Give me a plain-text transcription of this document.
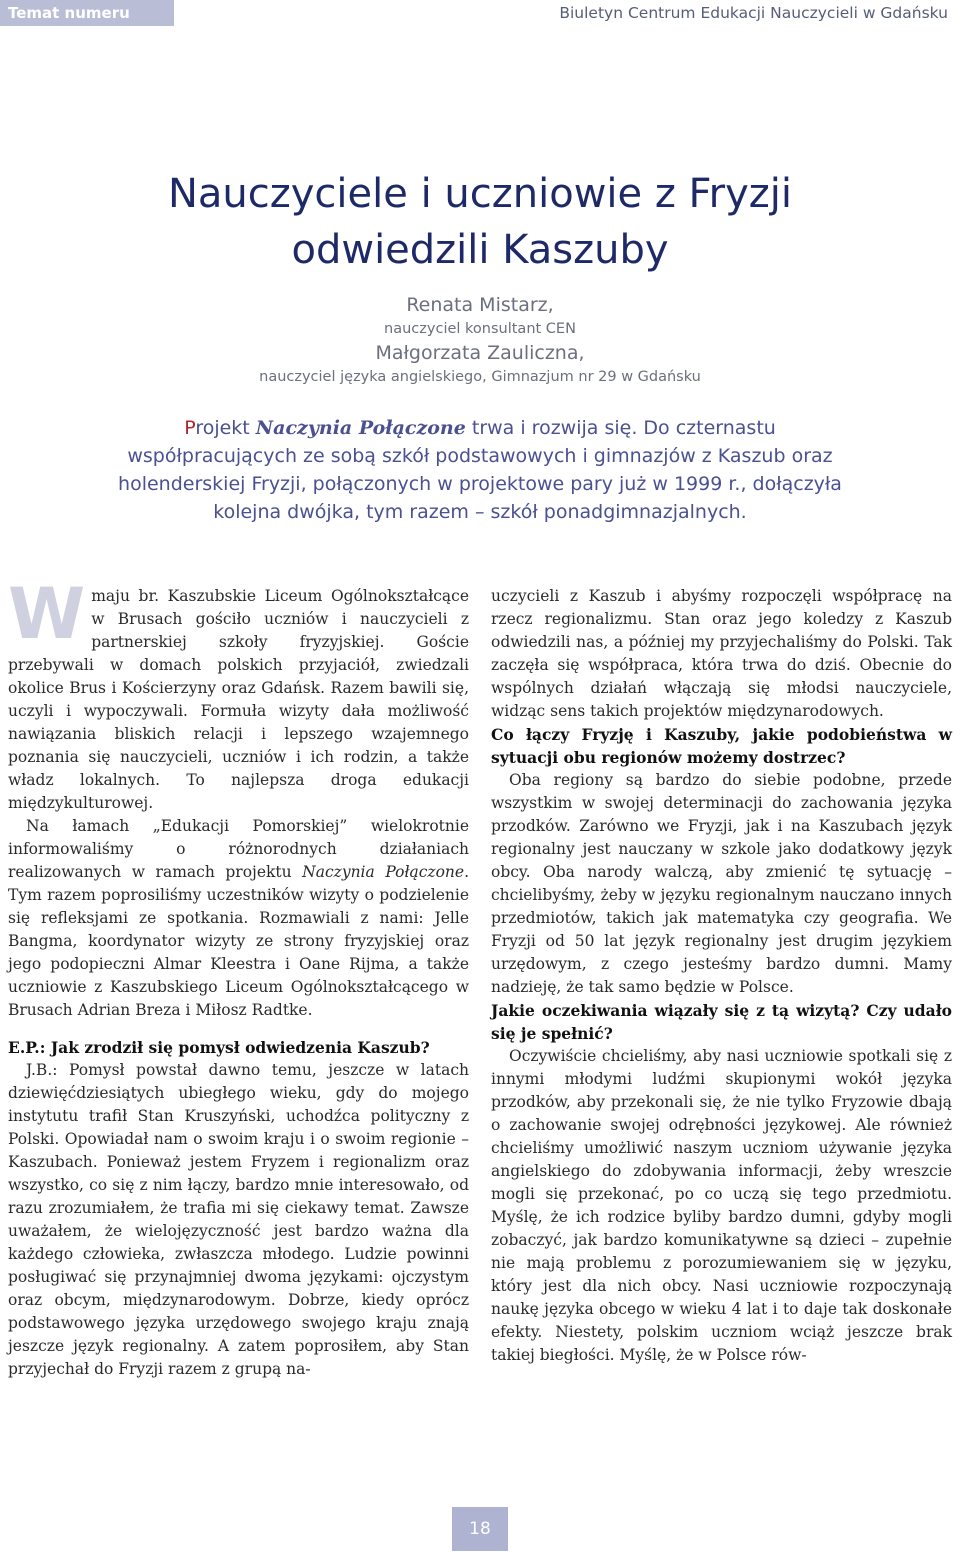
Temat numeru	Biuletyn Centrum Edukacji Nauczycieli w Gdańsku
Nauczyciele i uczniowie z Fryzji
odwiedzili Kaszuby
Renata Mistarz,
nauczyciel konsultant CEN
Małgorzata Zauliczna,
nauczyciel języka angielskiego, Gimnazjum nr 29 w Gdańsku
Projekt Naczynia Połączone trwa i rozwija się. Do czternastu współpracujących ze sobą szkół podstawowych i gimnazjów z Kaszub oraz holenderskiej Fryzji, połączonych w projektowe pary już w 1999 r., dołączyła kolejna dwójka, tym razem – szkół ponadgimnazjalnych.
W maju br. Kaszubskie Liceum Ogólnokształcące w Brusach gościło uczniów i nauczycieli z partnerskiej szkoły fryzyjskiej. Goście przebywali w domach polskich przyjaciół, zwiedzali okolice Brus i Kościerzyny oraz Gdańsk. Razem bawili się, uczyli i wypoczywali. Formuła wizyty dała możliwość nawiązania bliskich relacji i lepszego wzajemnego poznania się nauczycieli, uczniów i ich rodzin, a także władz lokalnych. To najlepsza droga edukacji międzykulturowej.

Na łamach „Edukacji Pomorskiej” wielokrotnie informowaliśmy o różnorodnych działaniach realizowanych w ramach projektu Naczynia Połączone. Tym razem poprosiliśmy uczestników wizyty o podzielenie się refleksjami ze spotkania. Rozmawiali z nami: Jelle Bangma, koordynator wizyty ze strony fryzyjskiej oraz jego podopieczni Almar Kleestra i Oane Rijma, a także uczniowie z Kaszubskiego Liceum Ogólnokształcącego w Brusach Adrian Breza i Miłosz Radtke.

E.P.: Jak zrodził się pomysł odwiedzenia Kaszub?

J.B.: Pomysł powstał dawno temu, jeszcze w latach dziewięćdziesiątych ubiegłego wieku, gdy do mojego instytutu trafił Stan Kruszyński, uchodźca polityczny z Polski. Opowiadał nam o swoim kraju i o swoim regionie – Kaszubach. Ponieważ jestem Fryzem i regionalizm oraz wszystko, co się z nim łączy, bardzo mnie interesowało, od razu zrozumiałem, że trafia mi się ciekawy temat. Zawsze uważałem, że wielojęzyczność jest bardzo ważna dla każdego człowieka, zwłaszcza młodego. Ludzie powinni posługiwać się przynajmniej dwoma językami: ojczystym oraz obcym, międzynarodowym. Dobrze, kiedy oprócz podstawowego języka urzędowego swojego kraju znają jeszcze język regionalny. A zatem poprosiłem, aby Stan przyjechał do Fryzji razem z grupą na-

uczycieli z Kaszub i abyśmy rozpoczęli współpracę na rzecz regionalizmu. Stan oraz jego koledzy z Kaszub odwiedzili nas, a później my przyjechaliśmy do Polski. Tak zaczęła się współpraca, która trwa do dziś. Obecnie do wspólnych działań włączają się młodsi nauczyciele, widząc sens takich projektów międzynarodowych.

Co łączy Fryzję i Kaszuby, jakie podobieństwa w sytuacji obu regionów możemy dostrzec?

Oba regiony są bardzo do siebie podobne, przede wszystkim w swojej determinacji do zachowania języka przodków. Zarówno we Fryzji, jak i na Kaszubach język regionalny jest nauczany w szkole jako dodatkowy język obcy. Oba narody walczą, aby zmienić tę sytuację – chcielibyśmy, żeby w języku regionalnym nauczano innych przedmiotów, takich jak matematyka czy geografia. We Fryzji od 50 lat język regionalny jest drugim językiem urzędowym, z czego jesteśmy bardzo dumni. Mamy nadzieję, że tak samo będzie w Polsce.

Jakie oczekiwania wiązały się z tą wizytą? Czy udało się je spełnić?

Oczywiście chcieliśmy, aby nasi uczniowie spotkali się z innymi młodymi ludźmi skupionymi wokół języka przodków, aby przekonali się, że nie tylko Fryzowie dbają o zachowanie swojej odrębności językowej. Ale również chcieliśmy umożliwić naszym uczniom używanie języka angielskiego do zdobywania informacji, żeby wreszcie mogli się przekonać, po co uczą się tego przedmiotu. Myślę, że ich rodzice byliby bardzo dumni, gdyby mogli zobaczyć, jak bardzo komunikatywne są dzieci – zupełnie nie mają problemu z porozumiewaniem się w języku, który jest dla nich obcy. Nasi uczniowie rozpoczynają naukę języka obcego w wieku 4 lat i to daje tak doskonałe efekty. Niestety, polskim uczniom wciąż jeszcze brak takiej biegłości. Myślę, że w Polsce rów-

18
